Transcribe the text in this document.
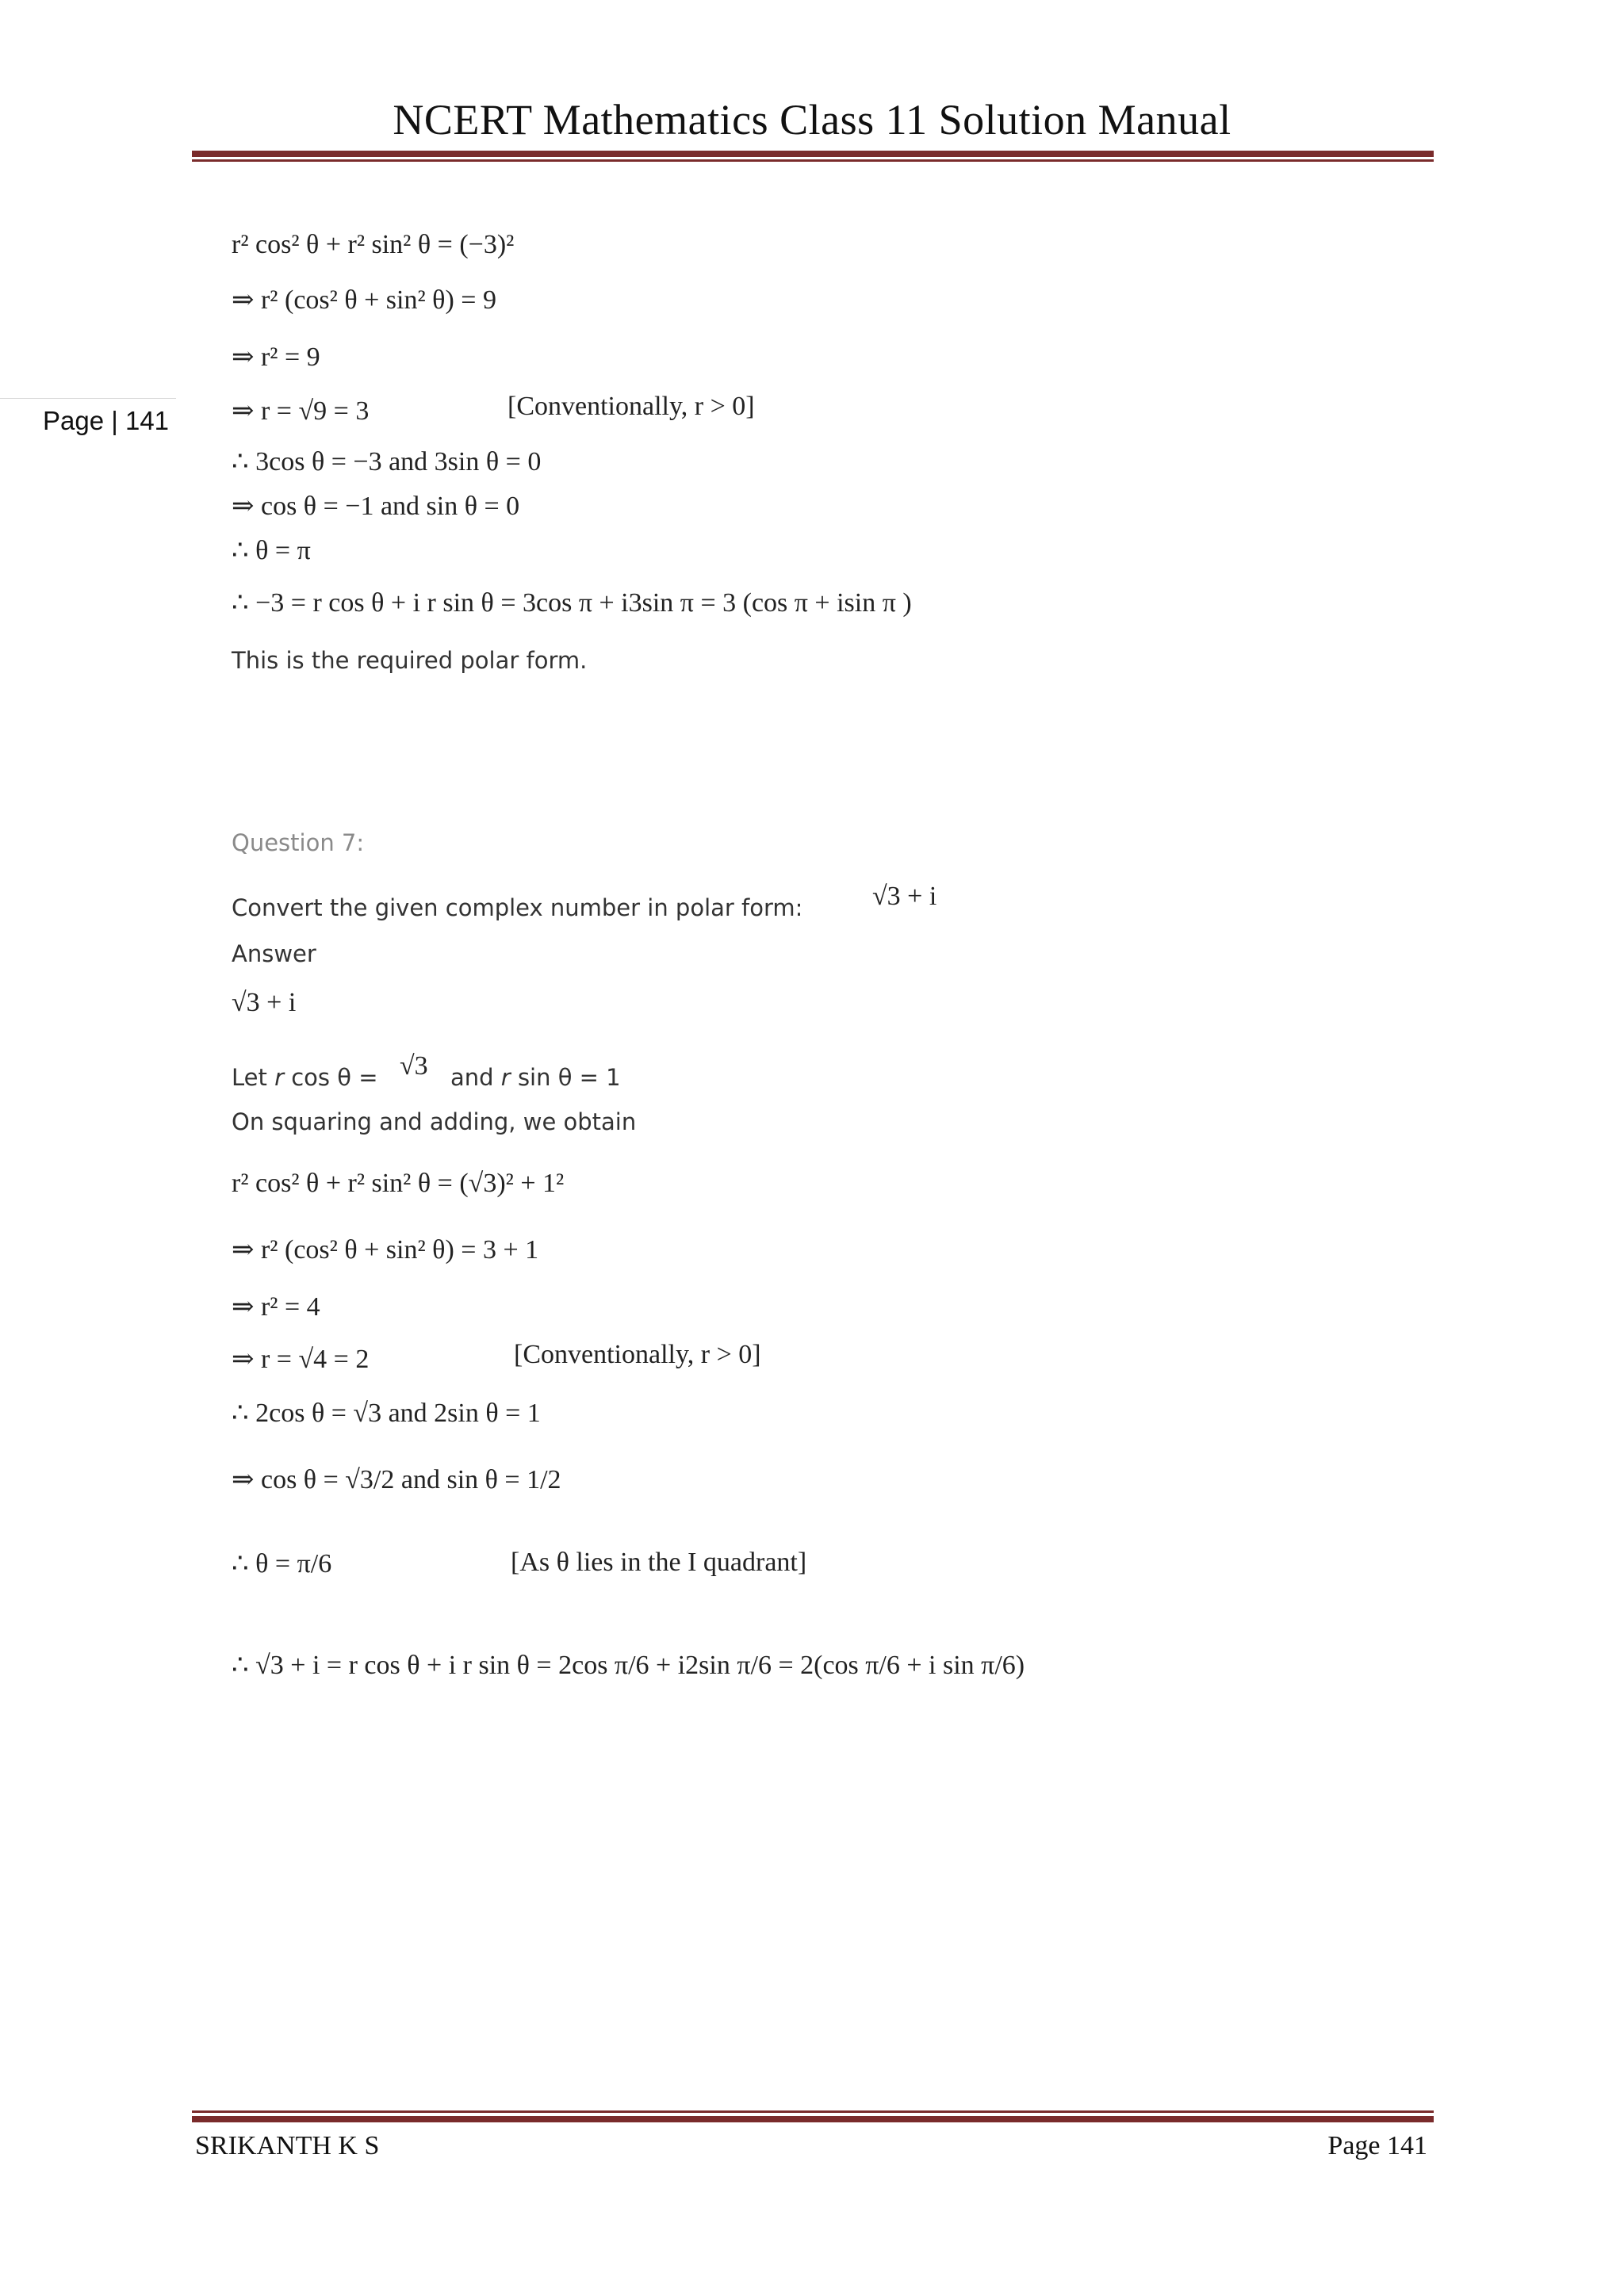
NCERT Mathematics Class 11 Solution Manual
Page | 141
r² cos² θ + r² sin² θ = (−3)²
⇒ r² (cos² θ + sin² θ) = 9
⇒ r² = 9
⇒ r = √9 = 3	[Conventionally, r > 0]
∴ 3cos θ = −3 and 3sin θ = 0
⇒ cos θ = −1 and sin θ = 0
∴ θ = π
∴ −3 = r cos θ + i r sin θ = 3cos π + i3sin π = 3 (cos π + isin π )
This is the required polar form.
Question 7:
Convert the given complex number in polar form:	√3 + i
Answer
√3 + i
Let r cos θ = √3 and r sin θ = 1
On squaring and adding, we obtain
r² cos² θ + r² sin² θ = (√3)² + 1²
⇒ r² (cos² θ + sin² θ) = 3 + 1
⇒ r² = 4
⇒ r = √4 = 2	[Conventionally, r > 0]
∴ 2cos θ = √3 and 2sin θ = 1
⇒ cos θ = √3/2 and sin θ = 1/2
∴ θ = π/6	[As θ lies in the I quadrant]
∴ √3 + i = r cos θ + i r sin θ = 2cos π/6 + i2sin π/6 = 2(cos π/6 + i sin π/6)
SRIKANTH K S	Page 141
